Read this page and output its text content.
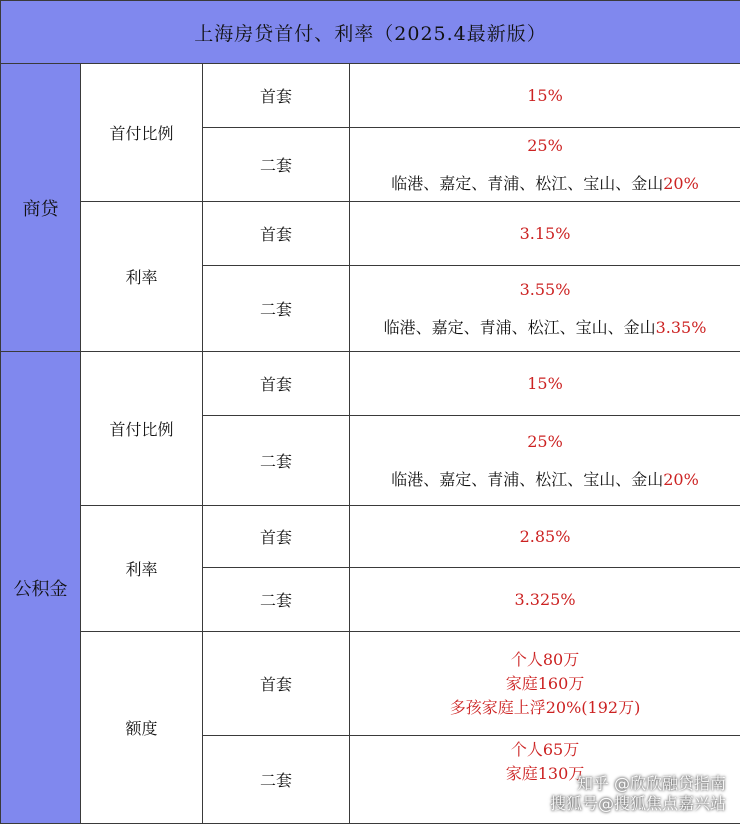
上海房贷首付、利率（2025.4最新版）			
商贷	首付比例	首套	15%
		二套	25%
临港、嘉定、青浦、松江、宝山、金山20%

	利率	首套	3.15%
		二套	3.55%
临港、嘉定、青浦、松江、宝山、金山3.35%

公积金	首付比例	首套	15%
		二套	25%
临港、嘉定、青浦、松江、宝山、金山20%

	利率	首套	2.85%
		二套	3.325%
	额度	首套	个人80万
家庭160万
多孩家庭上浮20%(192万)

		二套	个人65万
家庭130万
知乎 @欣欣融贷指南
搜狐号@搜狐焦点嘉兴站
